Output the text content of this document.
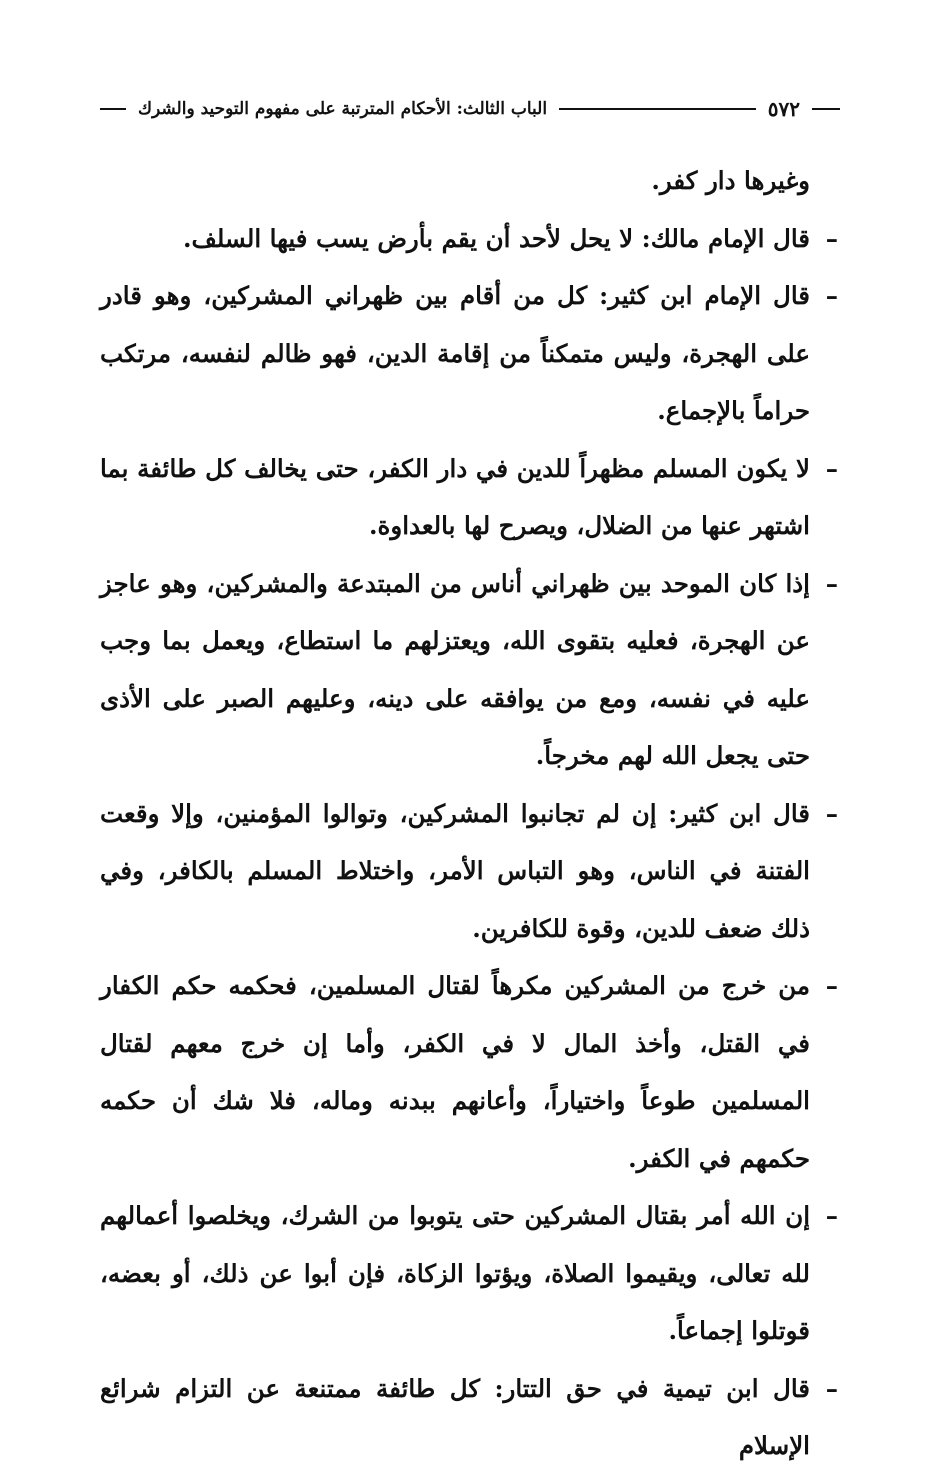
٥٧٢
الباب الثالث: الأحكام المترتبة على مفهوم التوحيد والشرك

وغيرها دار كفر.

–
قال الإمام مالك: لا يحل لأحد أن يقم بأرض يسب فيها السلف.

–
قال الإمام ابن كثير: كل من أقام بين ظهراني المشركين، وهو قادر على الهجرة، وليس متمكناً من إقامة الدين، فهو ظالم لنفسه، مرتكب حراماً بالإجماع.

–
لا يكون المسلم مظهراً للدين في دار الكفر، حتى يخالف كل طائفة بما اشتهر عنها من الضلال، ويصرح لها بالعداوة.

–
إذا كان الموحد بين ظهراني أناس من المبتدعة والمشركين، وهو عاجز عن الهجرة، فعليه بتقوى الله، ويعتزلهم ما استطاع، ويعمل بما وجب عليه في نفسه، ومع من يوافقه على دينه، وعليهم الصبر على الأذى حتى يجعل الله لهم مخرجاً.

–
قال ابن كثير: إن لم تجانبوا المشركين، وتوالوا المؤمنين، وإلا وقعت الفتنة في الناس، وهو التباس الأمر، واختلاط المسلم بالكافر، وفي ذلك ضعف للدين، وقوة للكافرين.

–
من خرج من المشركين مكرهاً لقتال المسلمين، فحكمه حكم الكفار في القتل، وأخذ المال لا في الكفر، وأما إن خرج معهم لقتال المسلمين طوعاً واختياراً، وأعانهم ببدنه وماله، فلا شك أن حكمه حكمهم في الكفر.

–
إن الله أمر بقتال المشركين حتى يتوبوا من الشرك، ويخلصوا أعمالهم لله تعالى، ويقيموا الصلاة، ويؤتوا الزكاة، فإن أبوا عن ذلك، أو بعضه، قوتلوا إجماعاً.

–
قال ابن تيمية في حق التتار: كل طائفة ممتنعة عن التزام شرائع الإسلام
